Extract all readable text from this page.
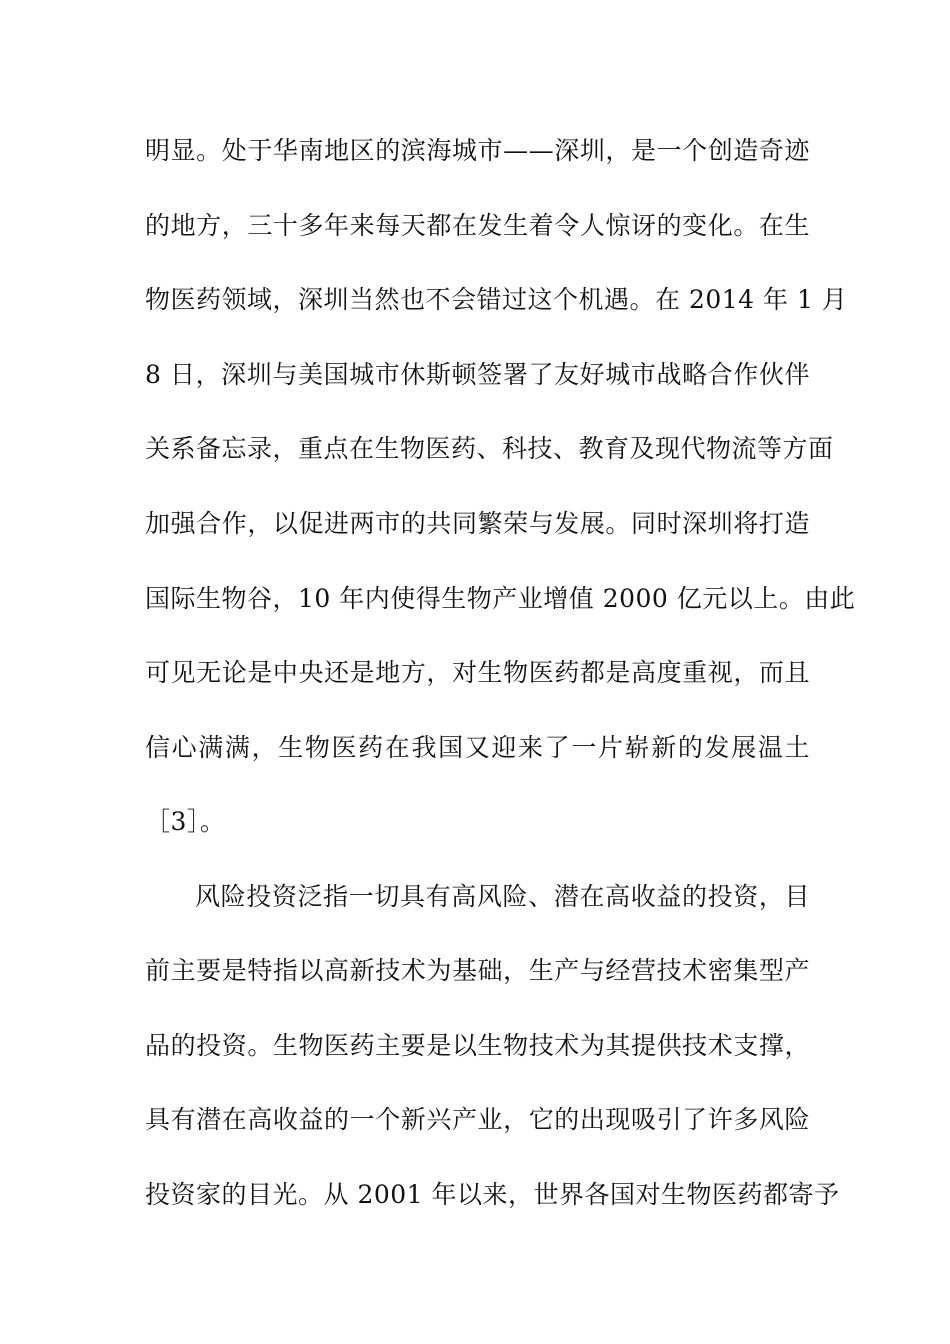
明显。处于华南地区的滨海城市——深圳，是一个创造奇迹
的地方，三十多年来每天都在发生着令人惊讶的变化。在生
物医药领域，深圳当然也不会错过这个机遇。在 2014 年 1 月
8 日，深圳与美国城市休斯顿签署了友好城市战略合作伙伴
关系备忘录，重点在生物医药、科技、教育及现代物流等方面
加强合作，以促进两市的共同繁荣与发展。同时深圳将打造
国际生物谷，10 年内使得生物产业增值 2000 亿元以上。由此
可见无论是中央还是地方，对生物医药都是高度重视，而且
信心满满，生物医药在我国又迎来了一片崭新的发展温土
［3］。
风险投资泛指一切具有高风险、潜在高收益的投资，目
前主要是特指以高新技术为基础，生产与经营技术密集型产
品的投资。生物医药主要是以生物技术为其提供技术支撑，
具有潜在高收益的一个新兴产业，它的出现吸引了许多风险
投资家的目光。从 2001 年以来，世界各国对生物医药都寄予
